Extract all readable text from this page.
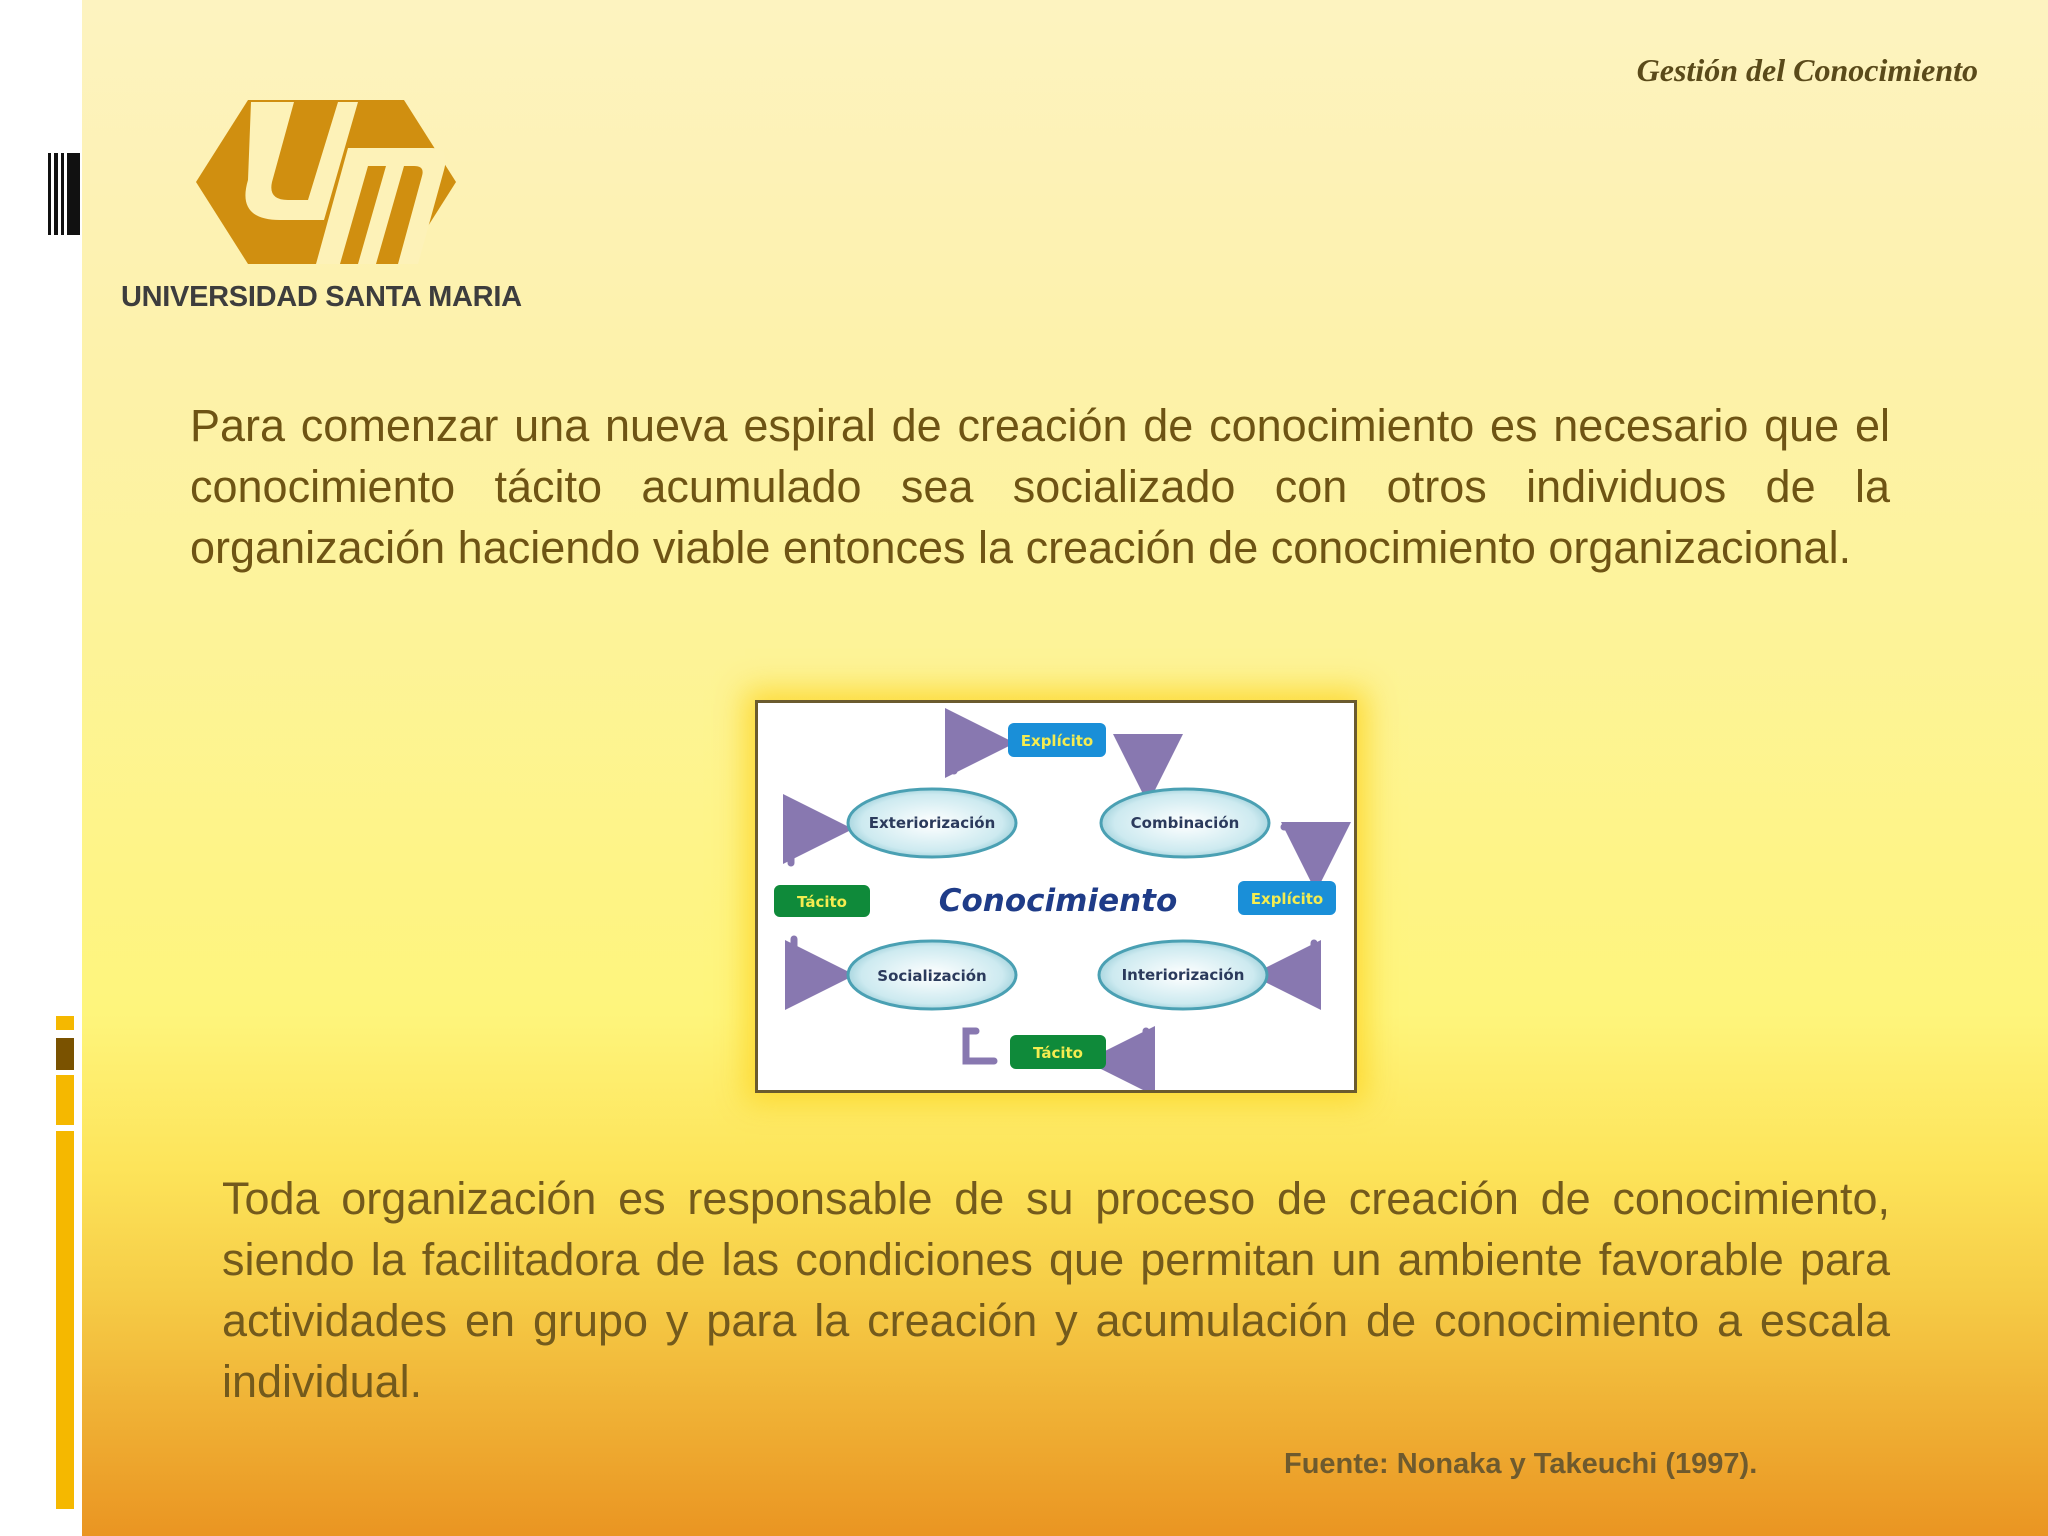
Gestión del Conocimiento
UNIVERSIDAD SANTA MARIA

Para comenzar una nueva espiral de creación de conocimiento es necesario que el conocimiento tácito acumulado sea socializado con otros individuos de la organización haciendo viable entonces la creación de conocimiento organizacional.

Exteriorización	Combinación
Socialización	Interiorización
Explícito
Explícito
Tácito
Tácito
Conocimiento

Toda organización es responsable de su proceso de creación de conocimiento, siendo la facilitadora de las condiciones que permitan un ambiente favorable para actividades en grupo y para la creación y acumulación de conocimiento a escala individual.

Fuente: Nonaka y Takeuchi (1997).
